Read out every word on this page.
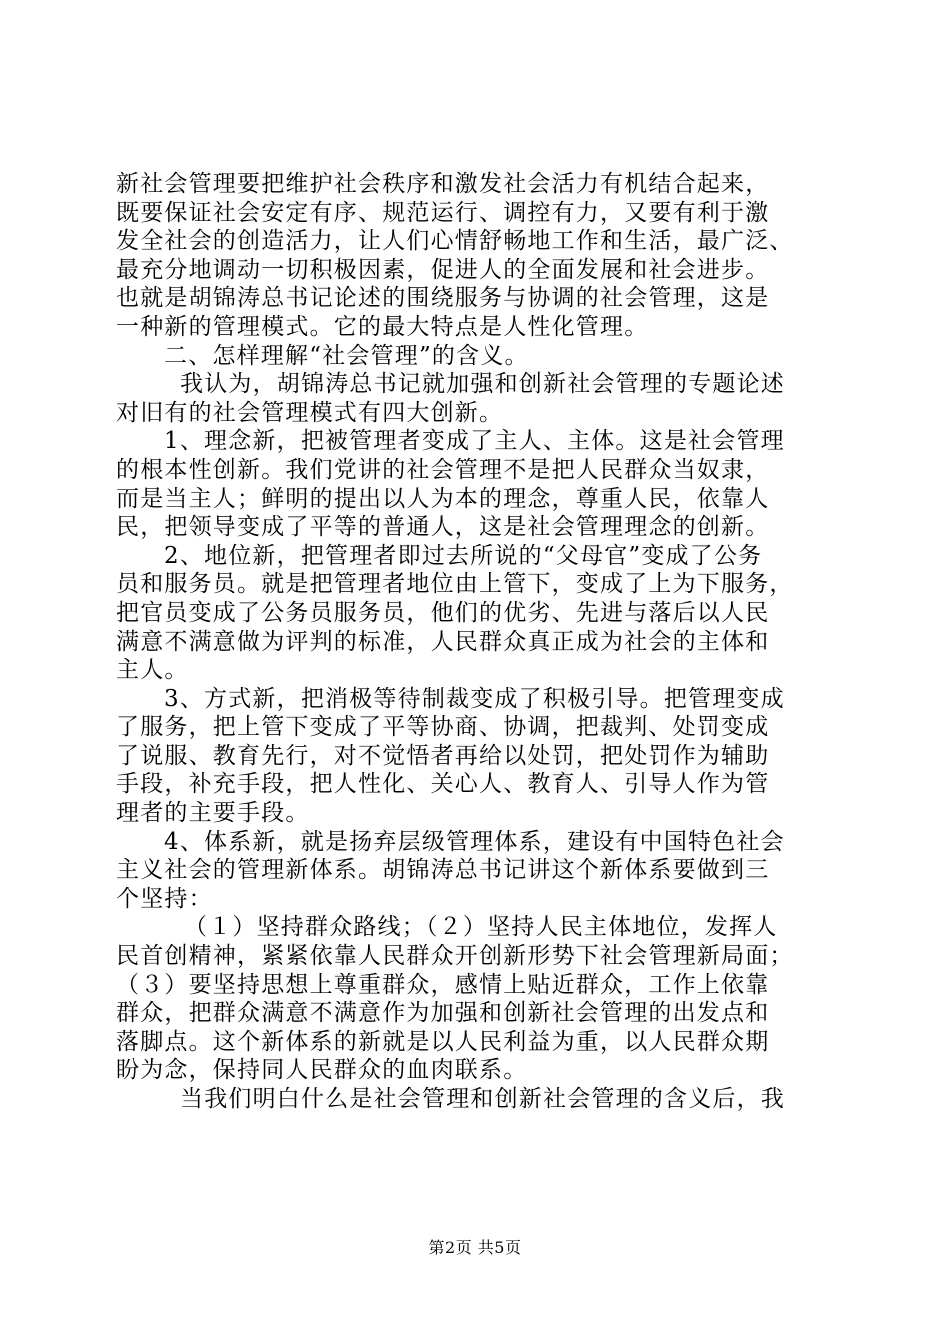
新社会管理要把维护社会秩序和激发社会活力有机结合起来，
既要保证社会安定有序、规范运行、调控有力，又要有利于激
发全社会的创造活力，让人们心情舒畅地工作和生活，最广泛、
最充分地调动一切积极因素，促进人的全面发展和社会进步。
也就是胡锦涛总书记论述的围绕服务与协调的社会管理，这是
一种新的管理模式。它的最大特点是人性化管理。
二、怎样理解“社会管理”的含义。
我认为，胡锦涛总书记就加强和创新社会管理的专题论述
对旧有的社会管理模式有四大创新。
1、理念新，把被管理者变成了主人、主体。这是社会管理
的根本性创新。我们党讲的社会管理不是把人民群众当奴隶，
而是当主人；鲜明的提出以人为本的理念，尊重人民，依靠人
民，把领导变成了平等的普通人，这是社会管理理念的创新。
2、地位新，把管理者即过去所说的“父母官”变成了公务
员和服务员。就是把管理者地位由上管下，变成了上为下服务，
把官员变成了公务员服务员，他们的优劣、先进与落后以人民
满意不满意做为评判的标准，人民群众真正成为社会的主体和
主人。
3、方式新，把消极等待制裁变成了积极引导。把管理变成
了服务，把上管下变成了平等协商、协调，把裁判、处罚变成
了说服、教育先行，对不觉悟者再给以处罚，把处罚作为辅助
手段，补充手段，把人性化、关心人、教育人、引导人作为管
理者的主要手段。
4、体系新，就是扬弃层级管理体系，建设有中国特色社会
主义社会的管理新体系。胡锦涛总书记讲这个新体系要做到三
个坚持：
（１）坚持群众路线；（２）坚持人民主体地位，发挥人
民首创精神，紧紧依靠人民群众开创新形势下社会管理新局面；
（３）要坚持思想上尊重群众，感情上贴近群众，工作上依靠
群众，把群众满意不满意作为加强和创新社会管理的出发点和
落脚点。这个新体系的新就是以人民利益为重，以人民群众期
盼为念，保持同人民群众的血肉联系。
当我们明白什么是社会管理和创新社会管理的含义后，我
第2页 共5页
